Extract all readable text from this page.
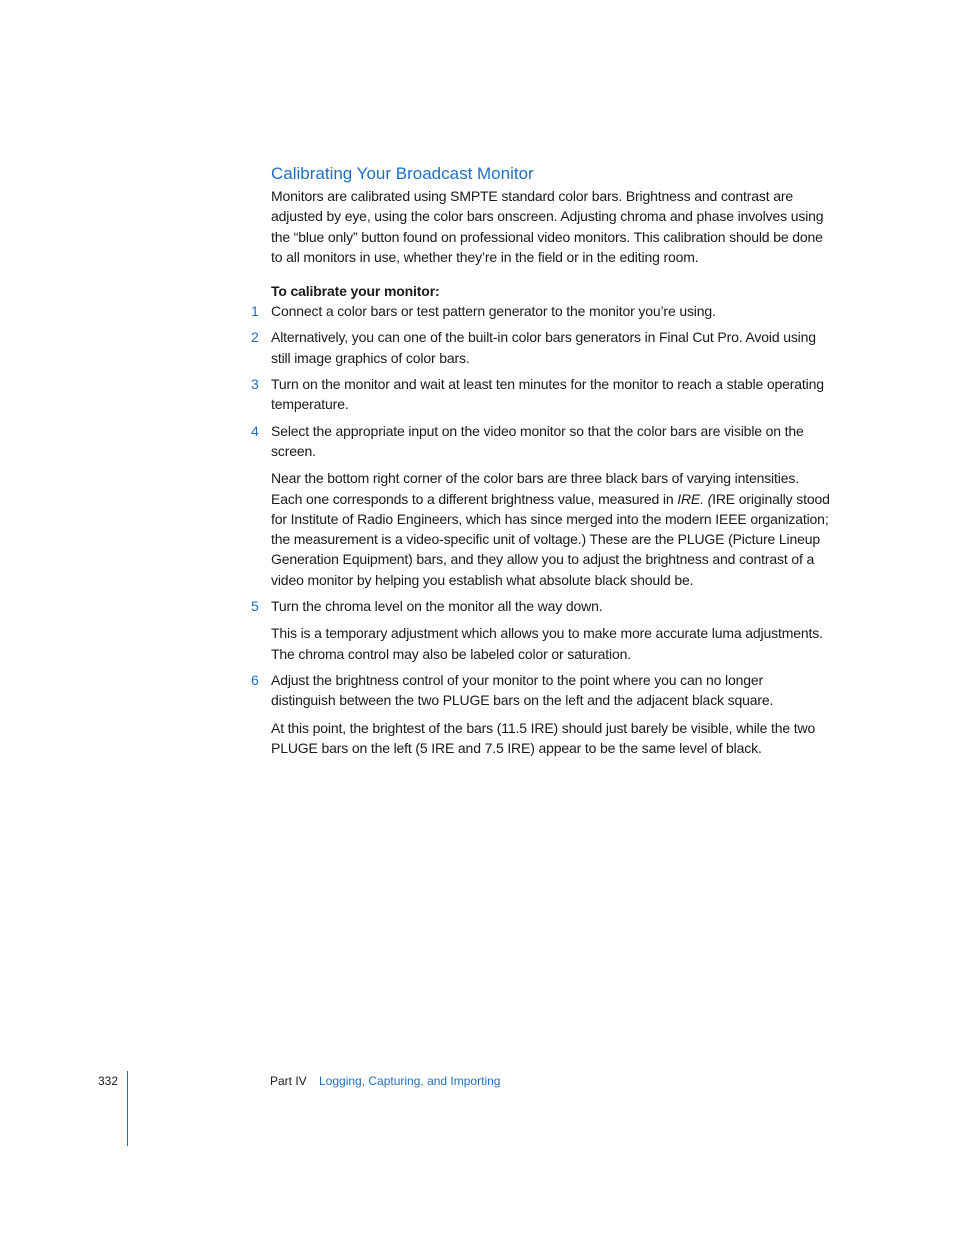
Calibrating Your Broadcast Monitor

Monitors are calibrated using SMPTE standard color bars. Brightness and contrast are adjusted by eye, using the color bars onscreen. Adjusting chroma and phase involves using the “blue only” button found on professional video monitors. This calibration should be done to all monitors in use, whether they’re in the field or in the editing room.

To calibrate your monitor:

1 Connect a color bars or test pattern generator to the monitor you’re using.

2 Alternatively, you can one of the built-in color bars generators in Final Cut Pro. Avoid using still image graphics of color bars.

3 Turn on the monitor and wait at least ten minutes for the monitor to reach a stable operating temperature.

4 Select the appropriate input on the video monitor so that the color bars are visible on the screen.

Near the bottom right corner of the color bars are three black bars of varying intensities. Each one corresponds to a different brightness value, measured in IRE. (IRE originally stood for Institute of Radio Engineers, which has since merged into the modern IEEE organization; the measurement is a video-specific unit of voltage.) These are the PLUGE (Picture Lineup Generation Equipment) bars, and they allow you to adjust the brightness and contrast of a video monitor by helping you establish what absolute black should be.

5 Turn the chroma level on the monitor all the way down.

This is a temporary adjustment which allows you to make more accurate luma adjustments. The chroma control may also be labeled color or saturation.

6 Adjust the brightness control of your monitor to the point where you can no longer distinguish between the two PLUGE bars on the left and the adjacent black square.

At this point, the brightest of the bars (11.5 IRE) should just barely be visible, while the two PLUGE bars on the left (5 IRE and 7.5 IRE) appear to be the same level of black.

332	Part IV Logging, Capturing, and Importing
